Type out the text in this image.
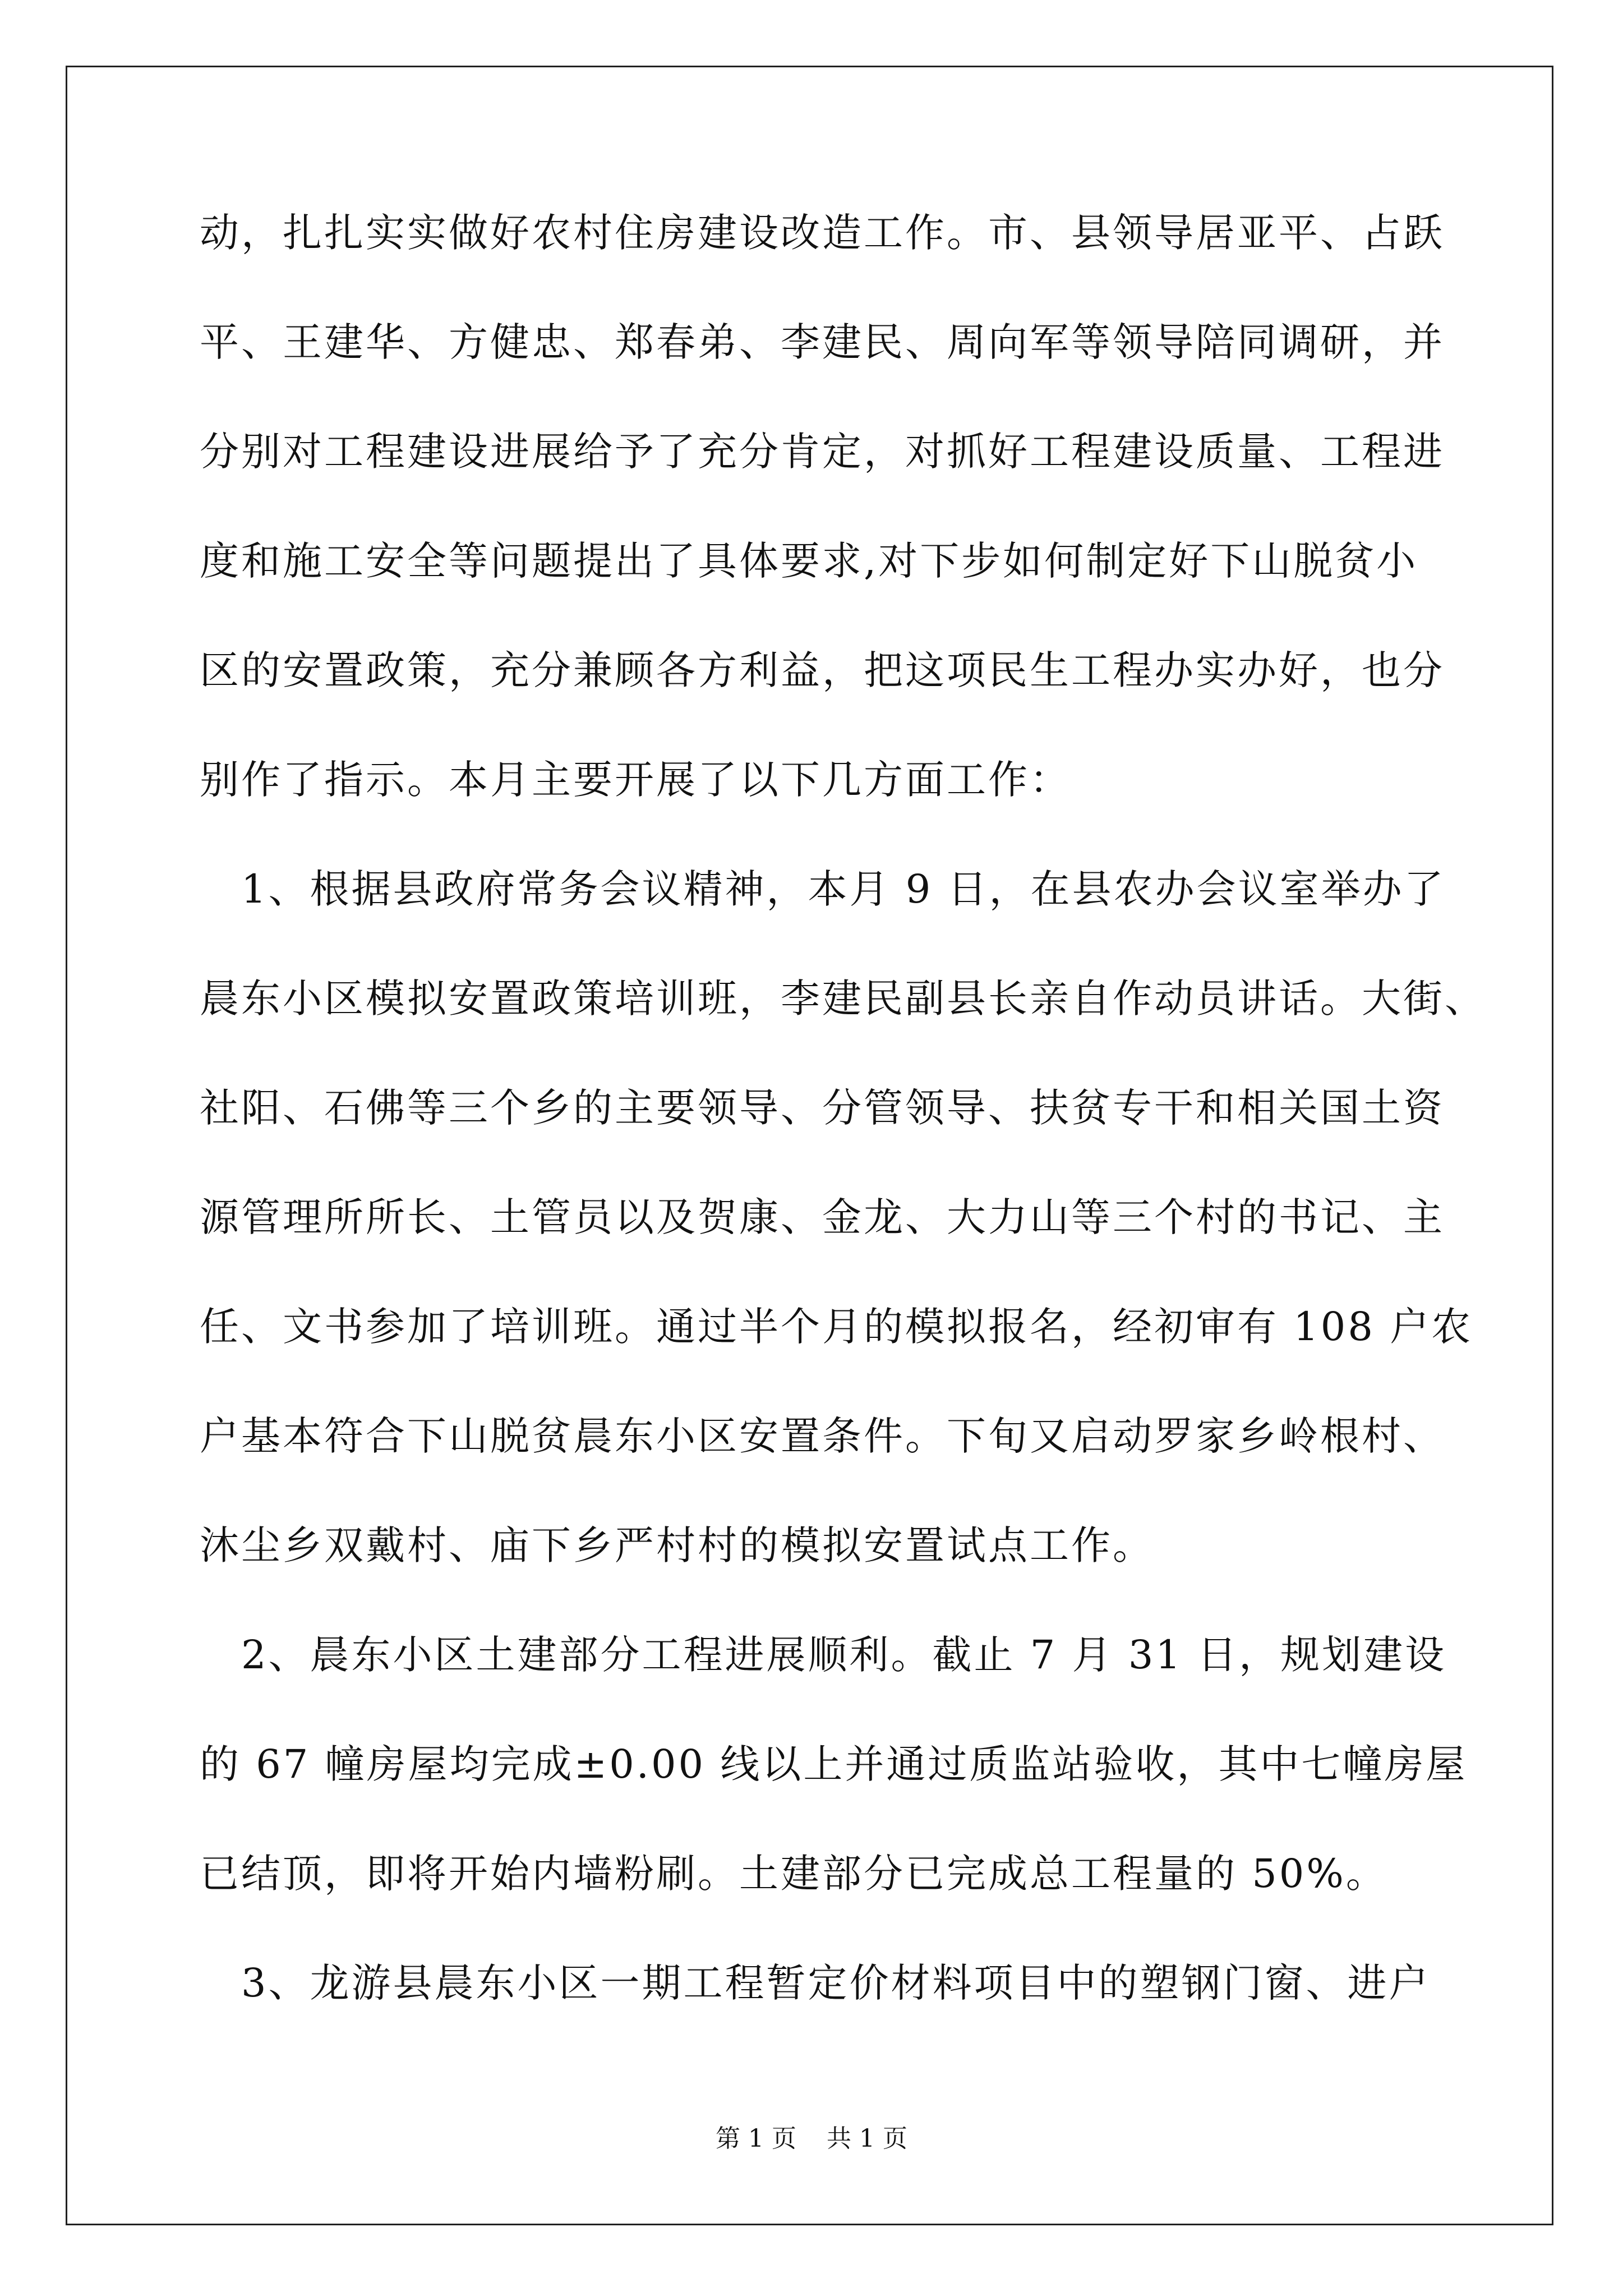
动，扎扎实实做好农村住房建设改造工作。市、县领导居亚平、占跃
平、王建华、方健忠、郑春弟、李建民、周向军等领导陪同调研，并
分别对工程建设进展给予了充分肯定，对抓好工程建设质量、工程进
度和施工安全等问题提出了具体要求,对下步如何制定好下山脱贫小
区的安置政策，充分兼顾各方利益，把这项民生工程办实办好，也分
别作了指示。本月主要开展了以下几方面工作：
　1、根据县政府常务会议精神，本月 9 日，在县农办会议室举办了
晨东小区模拟安置政策培训班，李建民副县长亲自作动员讲话。大街、
社阳、石佛等三个乡的主要领导、分管领导、扶贫专干和相关国土资
源管理所所长、土管员以及贺康、金龙、大力山等三个村的书记、主
任、文书参加了培训班。通过半个月的模拟报名，经初审有 108 户农
户基本符合下山脱贫晨东小区安置条件。下旬又启动罗家乡岭根村、
沐尘乡双戴村、庙下乡严村村的模拟安置试点工作。
　2、晨东小区土建部分工程进展顺利。截止 7 月 31 日，规划建设
的 67 幢房屋均完成±0.00 线以上并通过质监站验收，其中七幢房屋
已结顶，即将开始内墙粉刷。土建部分已完成总工程量的 50%。
　3、龙游县晨东小区一期工程暂定价材料项目中的塑钢门窗、进户
第 1 页 共 1 页
